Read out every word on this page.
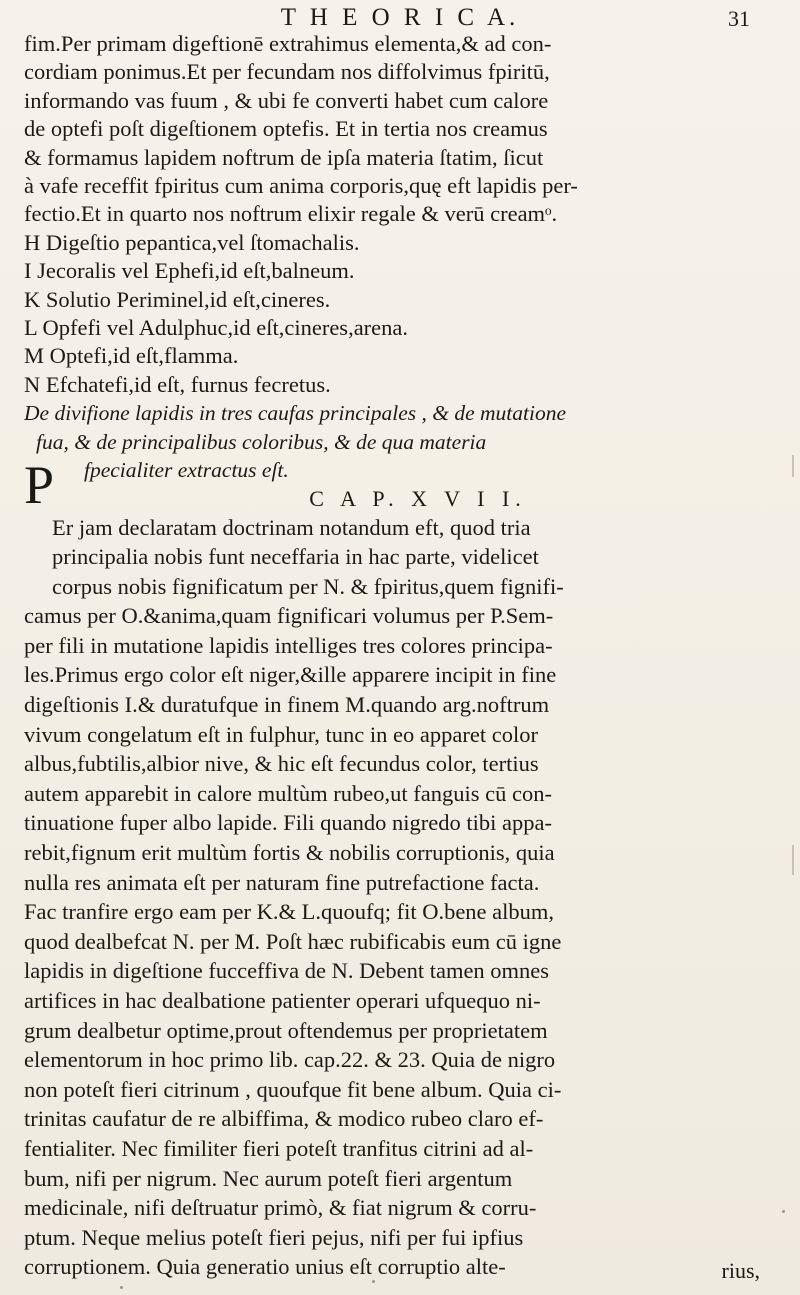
T H E O R I C A.	31
fim.Per primam digeftionē extrahimus elementa,& ad con-
cordiam ponimus.Et per fecundam nos diffolvimus fpiritū,
informando vas fuum , & ubi fe converti habet cum calore
de optefi poſt digeſtionem optefis. Et in tertia nos creamus
& formamus lapidem noftrum de ipſa materia ſtatim, ſicut
à vafe receffit fpiritus cum anima corporis,quę eft lapidis per-
fectio.Et in quarto nos noftrum elixir regale & verū creamᵒ.
H Digeſtio pepantica,vel ſtomachalis.
I Jecoralis vel Ephefi,id eſt,balneum.
K Solutio Periminel,id eſt,cineres.
L Opfefi vel Adulphuc,id eſt,cineres,arena.
M Optefi,id eſt,flamma.
N Efchatefi,id eſt, furnus fecretus.
De divifione lapidis in tres caufas principales , & de mutatione
fua, & de principalibus coloribus, & de qua materia
fpecialiter extractus eſt.
C A P. X V I I.
Er jam declaratam doctrinam notandum eft, quod tria
principalia nobis funt neceffaria in hac parte, videlicet
corpus nobis fignificatum per N. & fpiritus,quem fignifi-
camus per O.&anima,quam fignificari volumus per P.Sem-
per fili in mutatione lapidis intelliges tres colores principa-
les.Primus ergo color eſt niger,&ille apparere incipit in fine
digeſtionis I.& duratufque in finem M.quando arg.noftrum
vivum congelatum eſt in fulphur, tunc in eo apparet color
albus,fubtilis,albior nive, & hic eſt fecundus color, tertius
autem apparebit in calore multùm rubeo,ut fanguis cū con-
tinuatione fuper albo lapide. Fili quando nigredo tibi appa-
rebit,fignum erit multùm fortis & nobilis corruptionis, quia
nulla res animata eſt per naturam fine putrefactione facta.
Fac tranfire ergo eam per K.& L.quoufq; fit O.bene album,
quod dealbefcat N. per M. Poſt hæc rubificabis eum cū igne
lapidis in digeſtione fucceffiva de N. Debent tamen omnes
artifices in hac dealbatione patienter operari ufquequo ni-
grum dealbetur optime,prout oftendemus per proprietatem
elementorum in hoc primo lib. cap.22. & 23. Quia de nigro
non poteſt fieri citrinum , quoufque fit bene album. Quia ci-
trinitas caufatur de re albiffima, & modico rubeo claro ef-
fentialiter. Nec fimiliter fieri poteſt tranfitus citrini ad al-
bum, nifi per nigrum. Nec aurum poteſt fieri argentum
medicinale, nifi deſtruatur primò, & fiat nigrum & corru-
ptum. Neque melius poteſt fieri pejus, nifi per fui ipfius
corruptionem. Quia generatio unius eſt corruptio alte-
P
rius,
